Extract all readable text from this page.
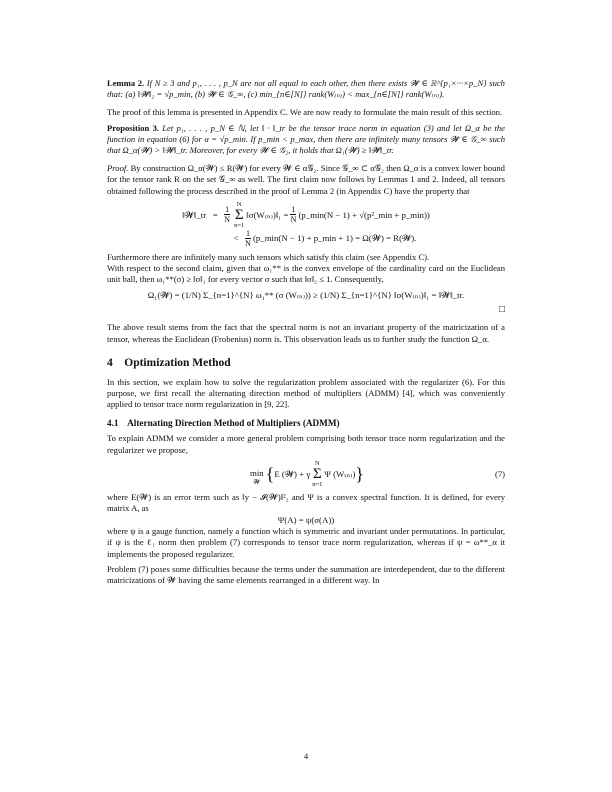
Lemma 2. If N ≥ 3 and p₁, . . . , p_N are not all equal to each other, then there exists 𝓦 ∈ ℝ^{p₁×···×p_N} such that: (a) ‖𝓦‖₂ = √p_min, (b) 𝓦 ∈ 𝒢_∞, (c) min_{n∈[N]} rank(W₍ₙ₎) < max_{n∈[N]} rank(W₍ₙ₎).

The proof of this lemma is presented in Appendix C. We are now ready to formulate the main result of this section.

Proposition 3. Let p₁, . . . , p_N ∈ ℕ, let ‖ · ‖_tr be the tensor trace norm in equation (3) and let Ω_α be the function in equation (6) for α = √p_min. If p_min < p_max, then there are infinitely many tensors 𝓦 ∈ 𝒢_∞ such that Ω_α(𝓦) > ‖𝓦‖_tr. Moreover, for every 𝓦 ∈ 𝒢₂, it holds that Ω₁(𝓦) ≥ ‖𝓦‖_tr.

Proof. By construction Ω_α(𝓦) ≤ R(𝓦) for every 𝓦 ∈ α𝒢₂. Since 𝒢_∞ ⊂ α𝒢₂ then Ω_α is a convex lower bound for the tensor rank R on the set 𝒢_∞ as well. The first claim now follows by Lemmas 1 and 2. Indeed, all tensors obtained following the process described in the proof of Lemma 2 (in Appendix C) have the property that

‖𝓦‖_tr
=
$\frac{1}{N}$
N
Σ
n=1
‖σ(W₍ₙ₎)‖₁ = $\frac{1}{N}$ (p_min(N − 1) + √(p²_min + p_min))
<
$\frac{1}{N}$ (p_min(N − 1) + p_min + 1) = Ω(𝓦) = R(𝓦).

Furthermore there are infinitely many such tensors which satisfy this claim (see Appendix C).

With respect to the second claim, given that ω₁** is the convex envelope of the cardinality card on the Euclidean unit ball, then ω₁**(σ) ≥ ‖σ‖₁ for every vector σ such that ‖σ‖₂ ≤ 1. Consequently,

Ω₁(𝓦) = (1/N) Σ_{n=1}^{N} ω₁** (σ (W₍ₙ₎)) ≥ (1/N) Σ_{n=1}^{N} ‖σ(W₍ₙ₎)‖₁ = ‖𝓦‖_tr.
□

The above result stems from the fact that the spectral norm is not an invariant property of the matricization of a tensor, whereas the Euclidean (Frobenius) norm is. This observation leads us to further study the function Ω_α.

4 Optimization Method

In this section, we explain how to solve the regularization problem associated with the regularizer (6). For this purpose, we first recall the alternating direction method of multipliers (ADMM) [4], which was conveniently applied to tensor trace norm regularization in [9, 22].

4.1 Alternating Direction Method of Multipliers (ADMM)

To explain ADMM we consider a more general problem comprising both tensor trace norm regularization and the regularizer we propose,

min
𝓦 { E (𝓦) + γ
N
Σ
n=1
Ψ (W₍ₙ₎) }	(7)

where E(𝓦) is an error term such as ‖y − 𝓘(𝓦)‖²₂ and Ψ is a convex spectral function. It is defined, for every matrix A, as

Ψ(A) = ψ(σ(A))

where ψ is a gauge function, namely a function which is symmetric and invariant under permutations. In particular, if ψ is the ℓ₁ norm then problem (7) corresponds to tensor trace norm regularization, whereas if ψ = ω**_α it implements the proposed regularizer.

Problem (7) poses some difficulties because the terms under the summation are interdependent, due to the different matricizations of 𝓦 having the same elements rearranged in a different way. In

4
